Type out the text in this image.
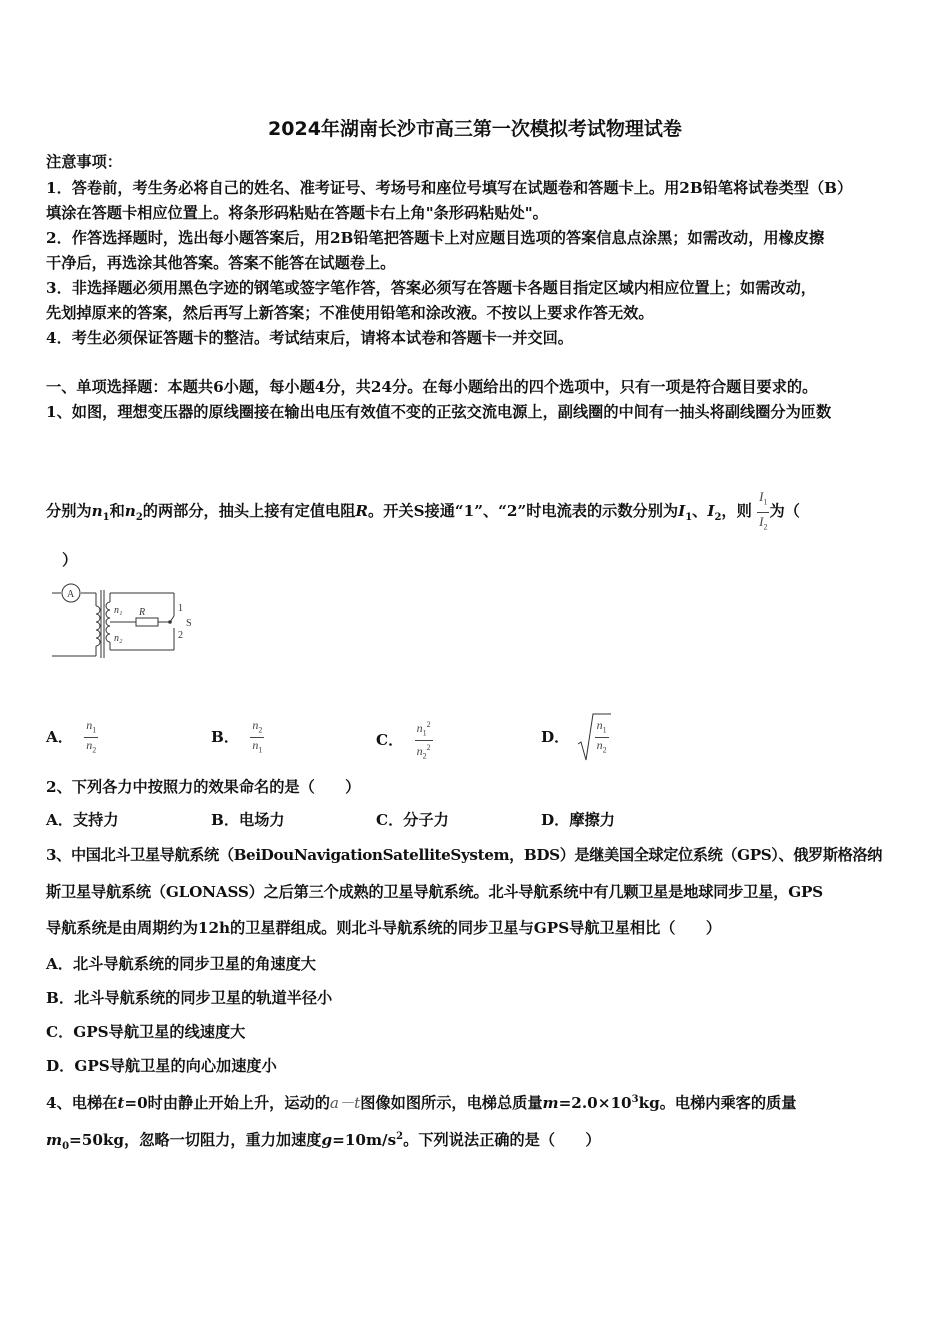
2024年湖南长沙市高三第一次模拟考试物理试卷
注意事项：
1．答卷前，考生务必将自己的姓名、准考证号、考场号和座位号填写在试题卷和答题卡上。用2B铅笔将试卷类型（B）
填涂在答题卡相应位置上。将条形码粘贴在答题卡右上角"条形码粘贴处"。
2．作答选择题时，选出每小题答案后，用2B铅笔把答题卡上对应题目选项的答案信息点涂黑；如需改动，用橡皮擦
干净后，再选涂其他答案。答案不能答在试题卷上。
3．非选择题必须用黑色字迹的钢笔或签字笔作答，答案必须写在答题卡各题目指定区域内相应位置上；如需改动，
先划掉原来的答案，然后再写上新答案；不准使用铅笔和涂改液。不按以上要求作答无效。
4．考生必须保证答题卡的整洁。考试结束后，请将本试卷和答题卡一并交回。
一、单项选择题：本题共6小题，每小题4分，共24分。在每小题给出的四个选项中，只有一项是符合题目要求的。
1、如图，理想变压器的原线圈接在输出电压有效值不变的正弦交流电源上，副线圈的中间有一抽头将副线圈分为匝数
分别为$n_1$和$n_2$的两部分，抽头上接有定值电阻R。开关S接通“1”、“2”时电流表的示数分别为$I_1$、$I_2$，则 $\frac{I_1}{I_2}$ 为（
）
A
n₁
n₂
R	1
2
S
A． $\frac{n_1}{n_2}$	B． $\frac{n_2}{n_1}$	C． $\frac{n_1^2}{n_2^2}$	D． $\frac{n_1}{n_2}$
2、下列各力中按照力的效果命名的是（　　）
A．支持力	B．电场力	C．分子力	D．摩擦力
3、中国北斗卫星导航系统（BeiDouNavigationSatelliteSystem，BDS）是继美国全球定位系统（GPS）、俄罗斯格洛纳
斯卫星导航系统（GLONASS）之后第三个成熟的卫星导航系统。北斗导航系统中有几颗卫星是地球同步卫星，GPS
导航系统是由周期约为12h的卫星群组成。则北斗导航系统的同步卫星与GPS导航卫星相比（　　）
A．北斗导航系统的同步卫星的角速度大
B．北斗导航系统的同步卫星的轨道半径小
C．GPS导航卫星的线速度大
D．GPS导航卫星的向心加速度小
4、电梯在t=0时由静止开始上升，运动的a－t图像如图所示，电梯总质量$m=2.0\times 10^3kg$。电梯内乘客的质量
$m_0=50kg$，忽略一切阻力，重力加速度$g=10m/s^2$。下列说法正确的是（　　）
